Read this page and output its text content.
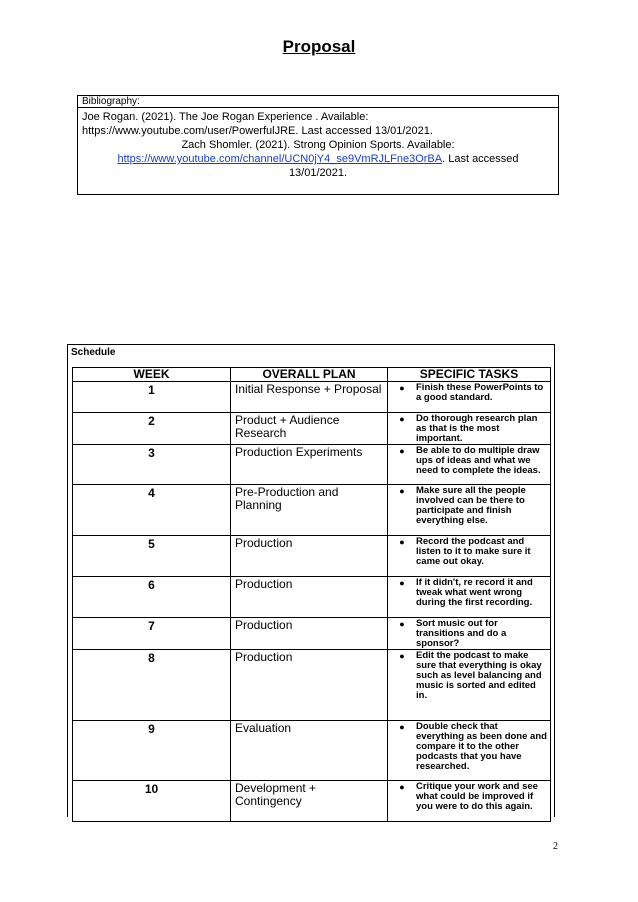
Proposal
Bibliography:
Joe Rogan. (2021). The Joe Rogan Experience . Available:
https://www.youtube.com/user/PowerfulJRE. Last accessed 13/01/2021.
Zach Shomler. (2021). Strong Opinion Sports. Available:
https://www.youtube.com/channel/UCN0jY4_se9VmRJLFne3OrBA. Last accessed
13/01/2021.
Schedule
WEEK	OVERALL PLAN	SPECIFIC TASKS
1	Initial Response + Proposal	● Finish these PowerPoints to a good standard.

2	Product + Audience Research	● Do thorough research plan as that is the most important.

3	Production Experiments	● Be able to do multiple draw ups of ideas and what we need to complete the ideas.

4	Pre-Production and Planning	● Make sure all the people involved can be there to participate and finish everything else.

5	Production	● Record the podcast and listen to it to make sure it came out okay.

6	Production	● If it didn't, re record it and tweak what went wrong during the first recording.

7	Production	● Sort music out for transitions and do a sponsor?

8	Production	● Edit the podcast to make sure that everything is okay such as level balancing and music is sorted and edited in.

9	Evaluation	● Double check that everything as been done and compare it to the other podcasts that you have researched.

10	Development + Contingency	● Critique your work and see what could be improved if you were to do this again.
2
